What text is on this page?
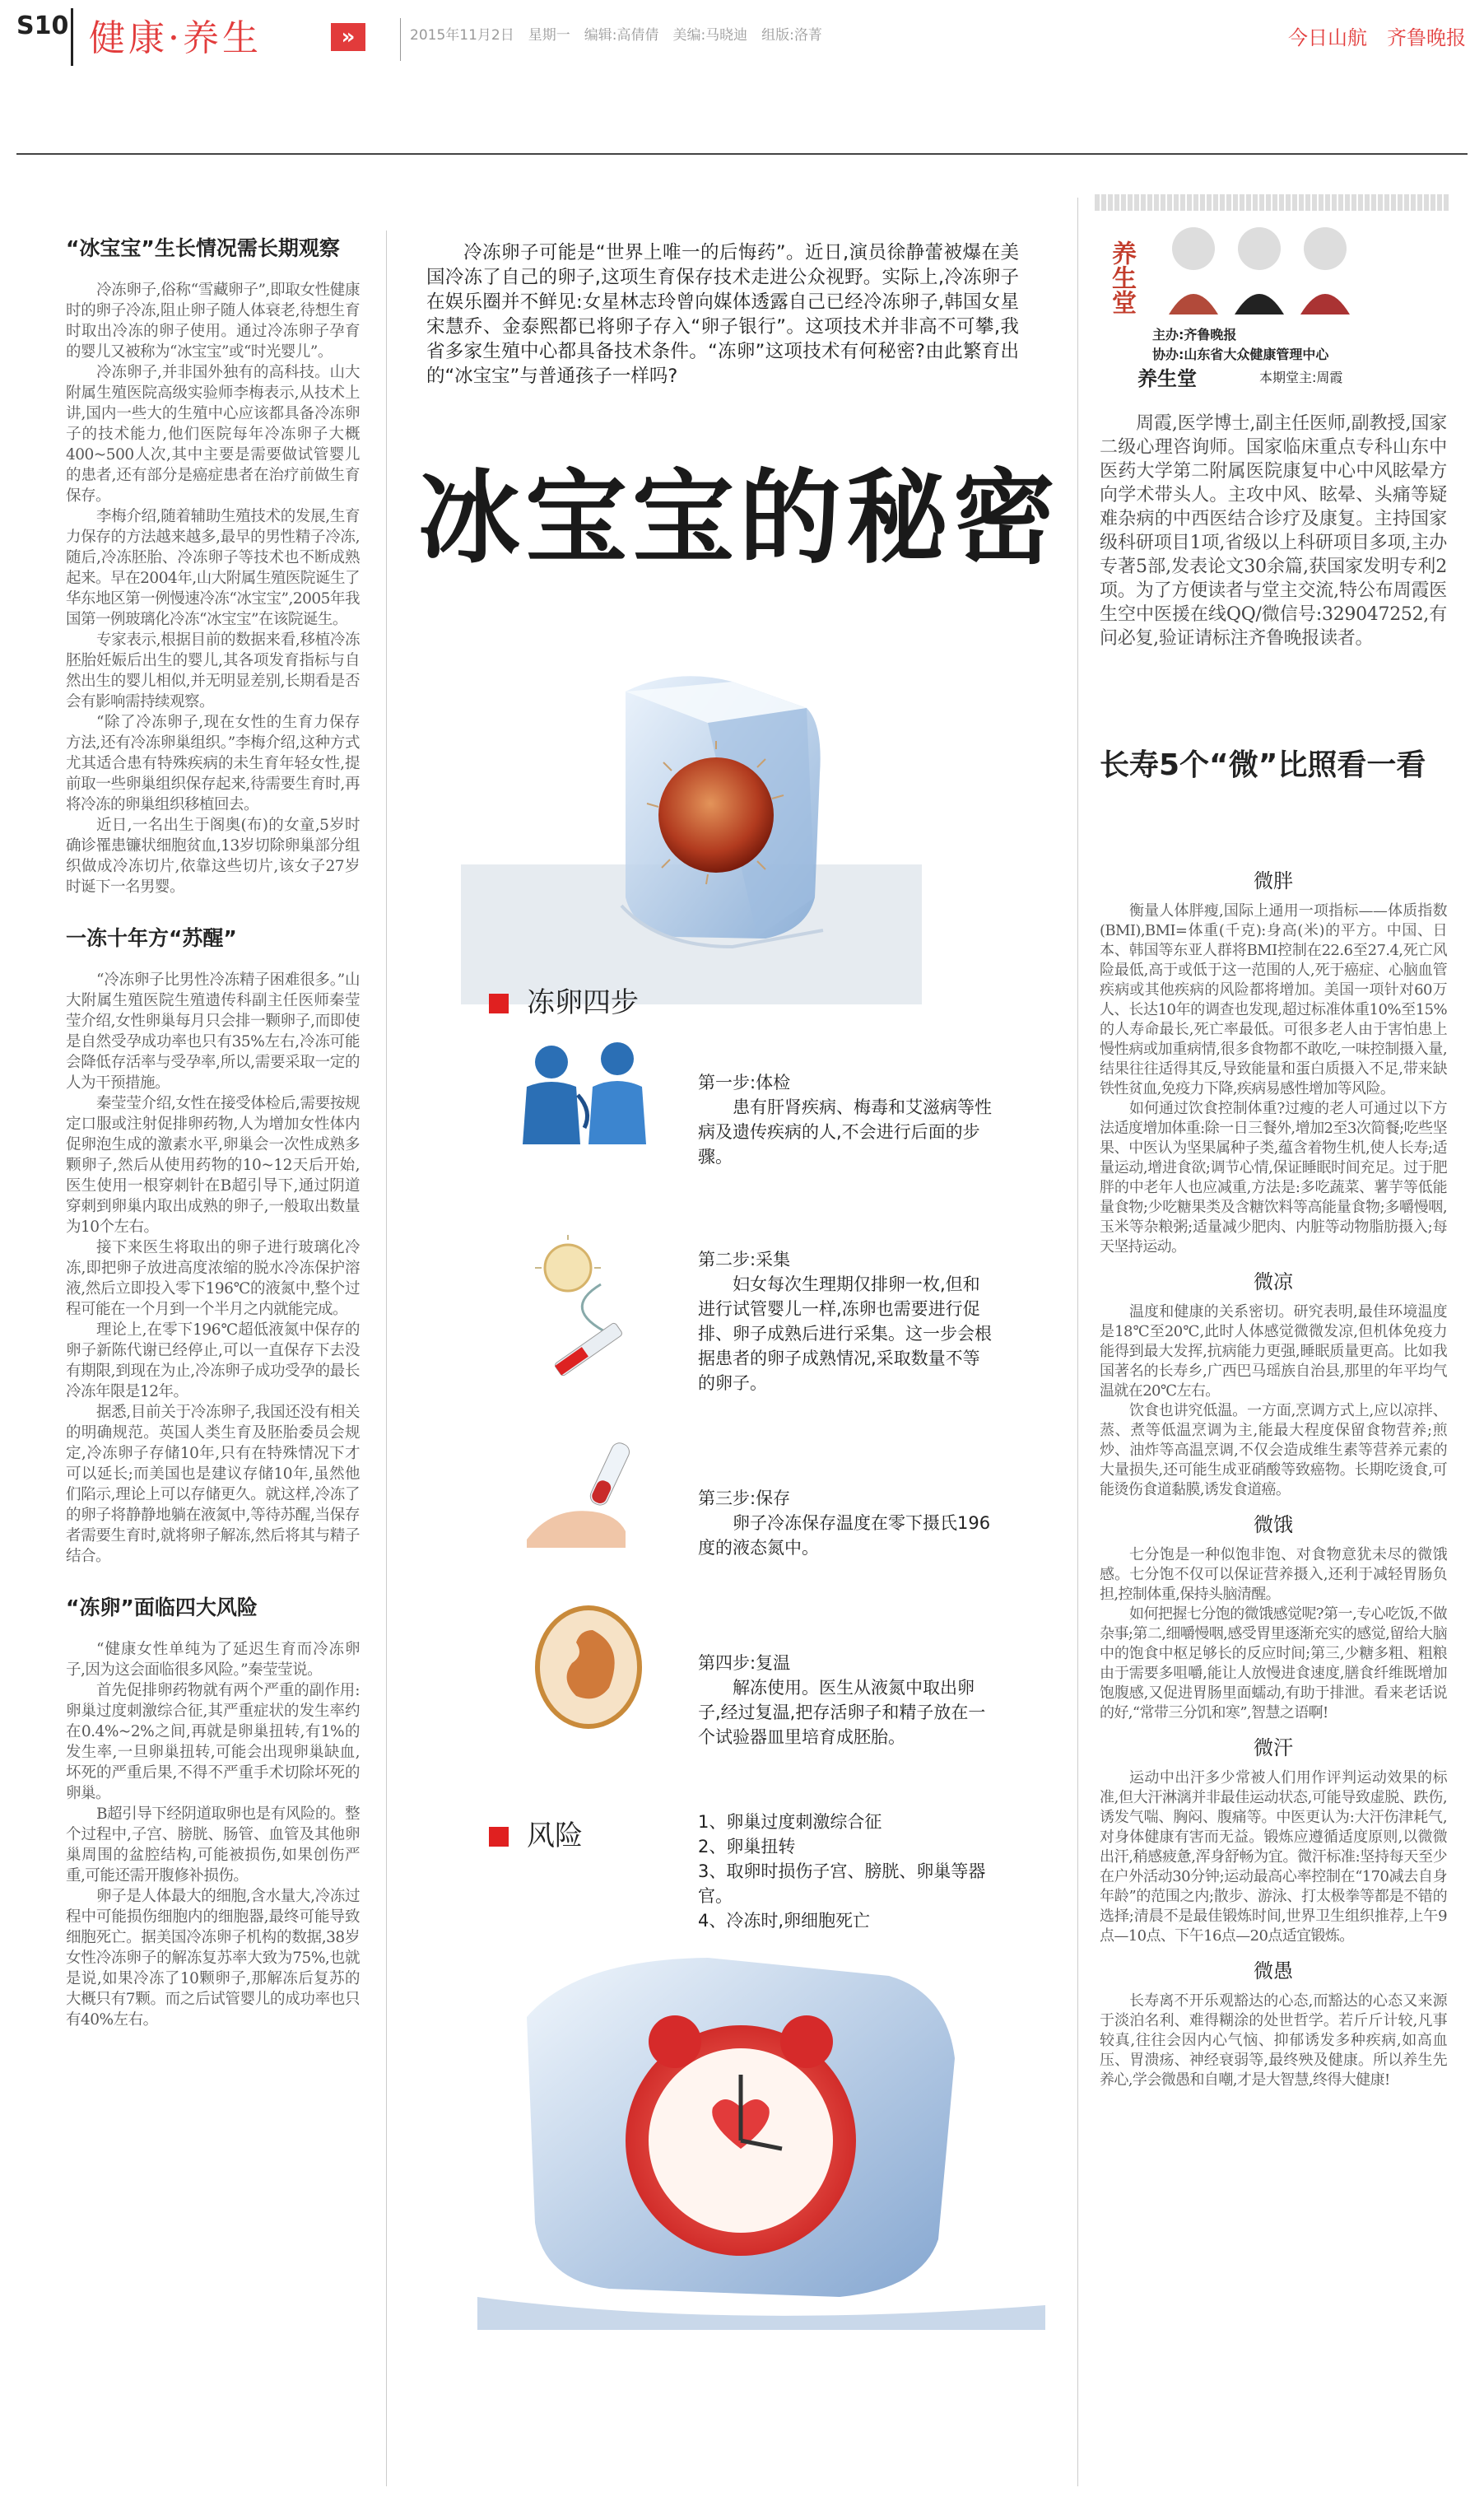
S10 健康·养生	»	2015年11月2日　星期一　编辑:高倩倩　美编:马晓迪　组版:洛菁	今日山航　齐鲁晚报
“冰宝宝”生长情况需长期观察

冷冻卵子,俗称“雪藏卵子”,即取女性健康时的卵子冷冻,阻止卵子随人体衰老,待想生育时取出冷冻的卵子使用。通过冷冻卵子孕育的婴儿又被称为“冰宝宝”或“时光婴儿”。

冷冻卵子,并非国外独有的高科技。山大附属生殖医院高级实验师李梅表示,从技术上讲,国内一些大的生殖中心应该都具备冷冻卵子的技术能力,他们医院每年冷冻卵子大概400~500人次,其中主要是需要做试管婴儿的患者,还有部分是癌症患者在治疗前做生育保存。

李梅介绍,随着辅助生殖技术的发展,生育力保存的方法越来越多,最早的男性精子冷冻,随后,冷冻胚胎、冷冻卵子等技术也不断成熟起来。早在2004年,山大附属生殖医院诞生了华东地区第一例慢速冷冻“冰宝宝”,2005年我国第一例玻璃化冷冻“冰宝宝”在该院诞生。

专家表示,根据目前的数据来看,移植冷冻胚胎妊娠后出生的婴儿,其各项发育指标与自然出生的婴儿相似,并无明显差别,长期看是否会有影响需持续观察。

“除了冷冻卵子,现在女性的生育力保存方法,还有冷冻卵巢组织。”李梅介绍,这种方式尤其适合患有特殊疾病的未生育年轻女性,提前取一些卵巢组织保存起来,待需要生育时,再将冷冻的卵巢组织移植回去。

近日,一名出生于阁奥(布)的女童,5岁时确诊罹患镰状细胞贫血,13岁切除卵巢部分组织做成冷冻切片,依靠这些切片,该女子27岁时诞下一名男婴。

一冻十年方“苏醒”

“冷冻卵子比男性冷冻精子困难很多。”山大附属生殖医院生殖遗传科副主任医师秦莹莹介绍,女性卵巢每月只会排一颗卵子,而即使是自然受孕成功率也只有35%左右,冷冻可能会降低存活率与受孕率,所以,需要采取一定的人为干预措施。

秦莹莹介绍,女性在接受体检后,需要按规定口服或注射促排卵药物,人为增加女性体内促卵泡生成的激素水平,卵巢会一次性成熟多颗卵子,然后从使用药物的10~12天后开始,医生使用一根穿刺针在B超引导下,通过阴道穿刺到卵巢内取出成熟的卵子,一般取出数量为10个左右。

接下来医生将取出的卵子进行玻璃化冷冻,即把卵子放进高度浓缩的脱水冷冻保护溶液,然后立即投入零下196℃的液氮中,整个过程可能在一个月到一个半月之内就能完成。

理论上,在零下196℃超低液氮中保存的卵子新陈代谢已经停止,可以一直保存下去没有期限,到现在为止,冷冻卵子成功受孕的最长冷冻年限是12年。

据悉,目前关于冷冻卵子,我国还没有相关的明确规范。英国人类生育及胚胎委员会规定,冷冻卵子存储10年,只有在特殊情况下才可以延长;而美国也是建议存储10年,虽然他们陷示,理论上可以存储更久。就这样,冷冻了的卵子将静静地躺在液氮中,等待苏醒,当保存者需要生育时,就将卵子解冻,然后将其与精子结合。

“冻卵”面临四大风险

“健康女性单纯为了延迟生育而冷冻卵子,因为这会面临很多风险。”秦莹莹说。

首先促排卵药物就有两个严重的副作用:卵巢过度刺激综合征,其严重症状的发生率约在0.4%~2%之间,再就是卵巢扭转,有1%的发生率,一旦卵巢扭转,可能会出现卵巢缺血,坏死的严重后果,不得不严重手术切除坏死的卵巢。

B超引导下经阴道取卵也是有风险的。整个过程中,子宫、膀胱、肠管、血管及其他卵巢周围的盆腔结构,可能被损伤,如果创伤严重,可能还需开腹修补损伤。

卵子是人体最大的细胞,含水量大,冷冻过程中可能损伤细胞内的细胞器,最终可能导致细胞死亡。据美国冷冻卵子机构的数据,38岁女性冷冻卵子的解冻复苏率大致为75%,也就是说,如果冷冻了10颗卵子,那解冻后复苏的大概只有7颗。而之后试管婴儿的成功率也只有40%左右。

冷冻卵子可能是“世界上唯一的后悔药”。近日,演员徐静蕾被爆在美国冷冻了自己的卵子,这项生育保存技术走进公众视野。实际上,冷冻卵子在娱乐圈并不鲜见:女星林志玲曾向媒体透露自己已经冷冻卵子,韩国女星宋慧乔、金泰熙都已将卵子存入“卵子银行”。这项技术并非高不可攀,我省多家生殖中心都具备技术条件。“冻卵”这项技术有何秘密?由此繁育出的“冰宝宝”与普通孩子一样吗?
冰宝宝的秘密
冻卵四步

第一步:体检

患有肝肾疾病、梅毒和艾滋病等性病及遗传疾病的人,不会进行后面的步骤。

第二步:采集

妇女每次生理期仅排卵一枚,但和进行试管婴儿一样,冻卵也需要进行促排、卵子成熟后进行采集。这一步会根据患者的卵子成熟情况,采取数量不等的卵子。

第三步:保存

卵子冷冻保存温度在零下摄氏196度的液态氮中。

第四步:复温

解冻使用。医生从液氮中取出卵子,经过复温,把存活卵子和精子放在一个试验器皿里培育成胚胎。

风险	1、卵巢过度刺激综合征
2、卵巢扭转
3、取卵时损伤子宫、膀胱、卵巢等器官。
4、冷冻时,卵细胞死亡
养生堂
主办:齐鲁晚报
协办:山东省大众健康管理中心
养生堂	本期堂主:周霞
周霞,医学博士,副主任医师,副教授,国家二级心理咨询师。国家临床重点专科山东中医药大学第二附属医院康复中心中风眩晕方向学术带头人。主攻中风、眩晕、头痛等疑难杂病的中西医结合诊疗及康复。主持国家级科研项目1项,省级以上科研项目多项,主办专著5部,发表论文30余篇,获国家发明专利2项。为了方便读者与堂主交流,特公布周霞医生空中医援在线QQ/微信号:329047252,有问必复,验证请标注齐鲁晚报读者。
长寿5个“微”比照看一看
微胖

衡量人体胖瘦,国际上通用一项指标——体质指数(BMI),BMI=体重(千克):身高(米)的平方。中国、日本、韩国等东亚人群将BMI控制在22.6至27.4,死亡风险最低,高于或低于这一范围的人,死于癌症、心脑血管疾病或其他疾病的风险都将增加。美国一项针对60万人、长达10年的调查也发现,超过标准体重10%至15%的人寿命最长,死亡率最低。可很多老人由于害怕患上慢性病或加重病情,很多食物都不敢吃,一味控制摄入量,结果往往适得其反,导致能量和蛋白质摄入不足,带来缺铁性贫血,免疫力下降,疾病易感性增加等风险。

如何通过饮食控制体重?过瘦的老人可通过以下方法适度增加体重:除一日三餐外,增加2至3次简餐;吃些坚果、中医认为坚果属种子类,蕴含着物生机,使人长寿;适量运动,增进食欲;调节心情,保证睡眠时间充足。过于肥胖的中老年人也应减重,方法是:多吃蔬菜、薯芋等低能量食物;少吃糖果类及含糖饮料等高能量食物;多嚼慢咽,玉米等杂粮粥;适量减少肥肉、内脏等动物脂肪摄入;每天坚持运动。

微凉

温度和健康的关系密切。研究表明,最佳环境温度是18℃至20℃,此时人体感觉微微发凉,但机体免疫力能得到最大发挥,抗病能力更强,睡眠质量更高。比如我国著名的长寿乡,广西巴马瑶族自治县,那里的年平均气温就在20℃左右。

饮食也讲究低温。一方面,烹调方式上,应以凉拌、蒸、煮等低温烹调为主,能最大程度保留食物营养;煎炒、油炸等高温烹调,不仅会造成维生素等营养元素的大量损失,还可能生成亚硝酸等致癌物。长期吃烫食,可能烫伤食道黏膜,诱发食道癌。

微饿

七分饱是一种似饱非饱、对食物意犹未尽的微饿感。七分饱不仅可以保证营养摄入,还利于减轻胃肠负担,控制体重,保持头脑清醒。

如何把握七分饱的微饿感觉呢?第一,专心吃饭,不做杂事;第二,细嚼慢咽,感受胃里逐渐充实的感觉,留给大脑中的饱食中枢足够长的反应时间;第三,少糖多粗、粗粮由于需要多咀嚼,能让人放慢进食速度,膳食纤维既增加饱腹感,又促进胃肠里面蠕动,有助于排泄。看来老话说的好,“常带三分饥和寒”,智慧之语啊!

微汗

运动中出汗多少常被人们用作评判运动效果的标准,但大汗淋漓并非最佳运动状态,可能导致虚脱、跌伤,诱发气喘、胸闷、腹痛等。中医更认为:大汗伤津耗气,对身体健康有害而无益。锻炼应遵循适度原则,以微微出汗,稍感疲惫,浑身舒畅为宜。微汗标准:坚持每天至少在户外活动30分钟;运动最高心率控制在“170减去自身年龄”的范围之内;散步、游泳、打太极拳等都是不错的选择;清晨不是最佳锻炼时间,世界卫生组织推荐,上午9点—10点、下午16点—20点适宜锻炼。

微愚

长寿离不开乐观豁达的心态,而豁达的心态又来源于淡泊名利、难得糊涂的处世哲学。若斤斤计较,凡事较真,往往会因内心气恼、抑郁诱发多种疾病,如高血压、胃溃疡、神经衰弱等,最终殃及健康。所以养生先养心,学会微愚和自嘲,才是大智慧,终得大健康!
